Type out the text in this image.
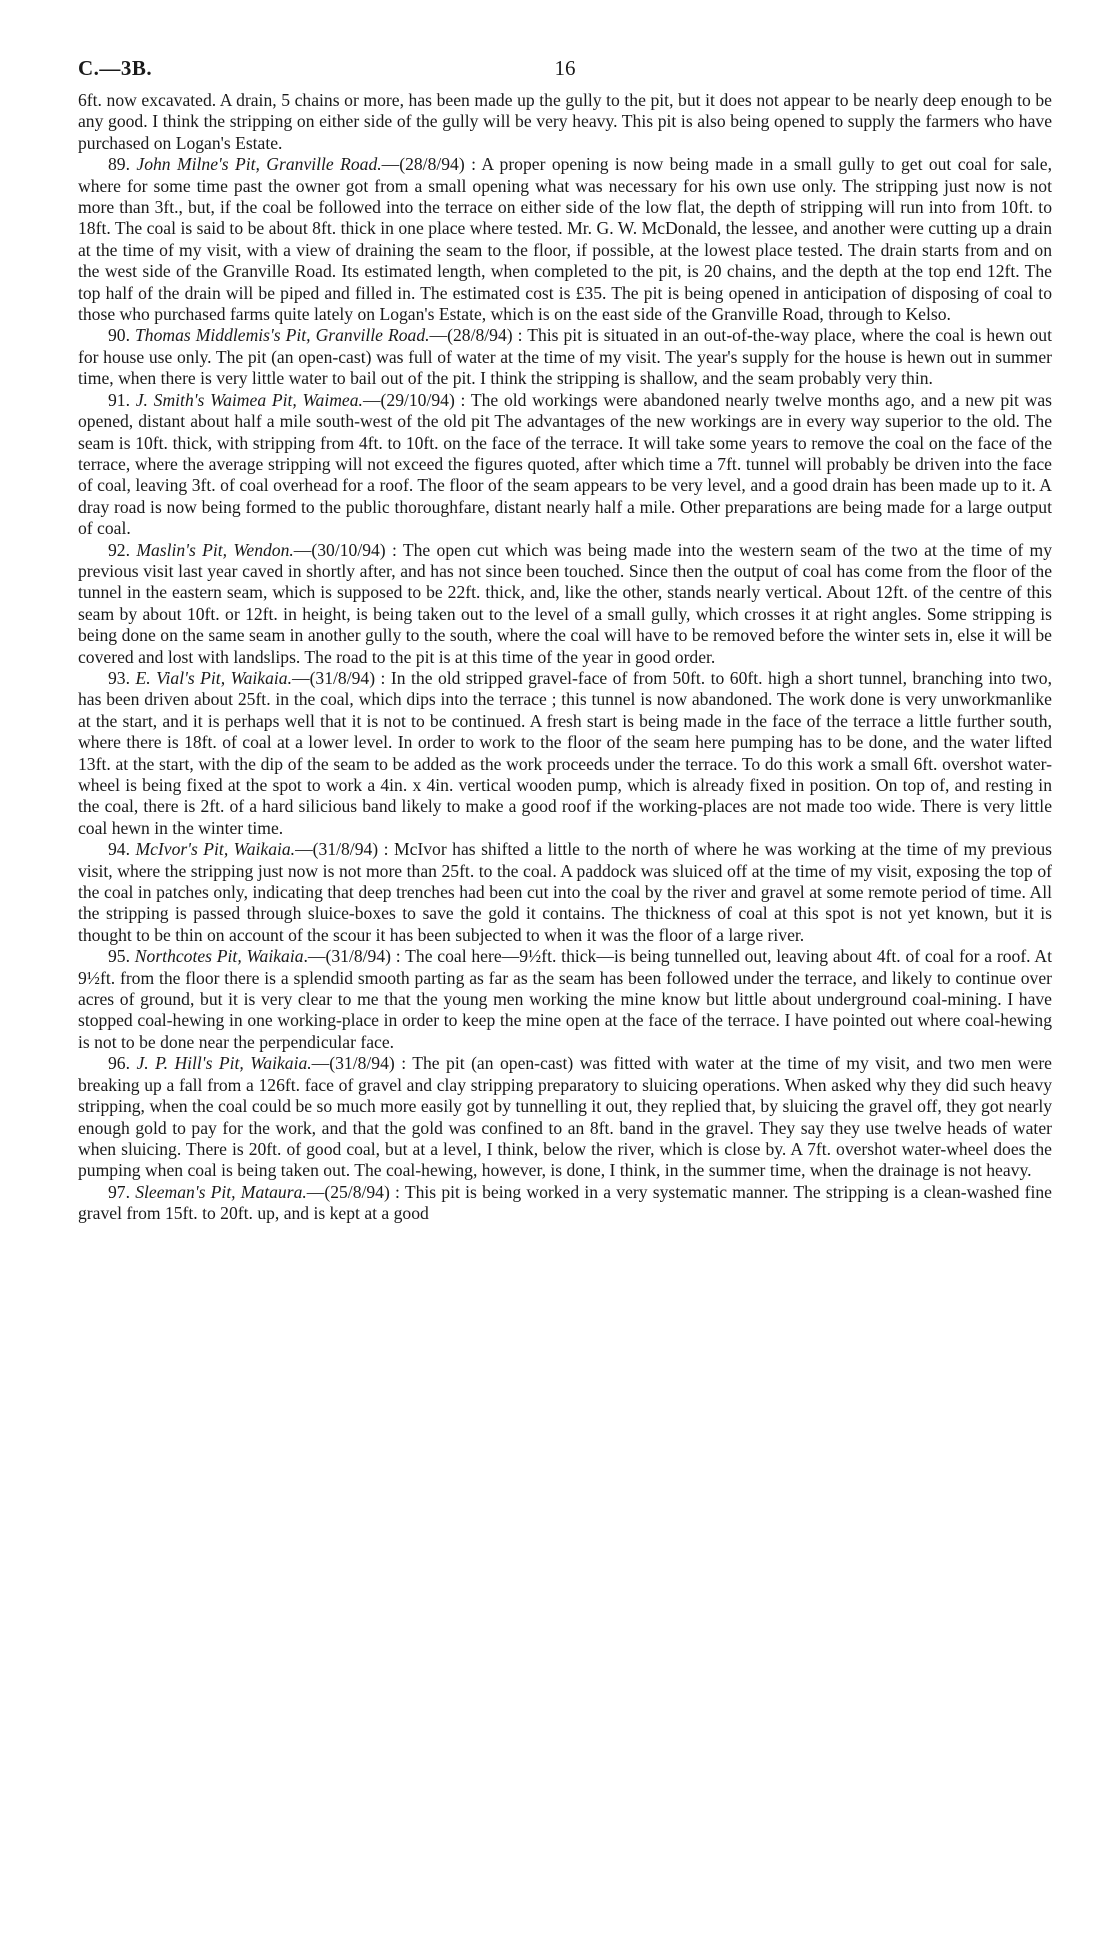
C.—3B.	16

6ft. now excavated. A drain, 5 chains or more, has been made up the gully to the pit, but it does not appear to be nearly deep enough to be any good. I think the stripping on either side of the gully will be very heavy. This pit is also being opened to supply the farmers who have purchased on Logan's Estate.

89. John Milne's Pit, Granville Road.—(28/8/94) : A proper opening is now being made in a small gully to get out coal for sale, where for some time past the owner got from a small opening what was necessary for his own use only. The stripping just now is not more than 3ft., but, if the coal be followed into the terrace on either side of the low flat, the depth of stripping will run into from 10ft. to 18ft. The coal is said to be about 8ft. thick in one place where tested. Mr. G. W. McDonald, the lessee, and another were cutting up a drain at the time of my visit, with a view of draining the seam to the floor, if possible, at the lowest place tested. The drain starts from and on the west side of the Granville Road. Its estimated length, when completed to the pit, is 20 chains, and the depth at the top end 12ft. The top half of the drain will be piped and filled in. The estimated cost is £35. The pit is being opened in anticipation of disposing of coal to those who purchased farms quite lately on Logan's Estate, which is on the east side of the Granville Road, through to Kelso.

90. Thomas Middlemis's Pit, Granville Road.—(28/8/94) : This pit is situated in an out-of-the-way place, where the coal is hewn out for house use only. The pit (an open-cast) was full of water at the time of my visit. The year's supply for the house is hewn out in summer time, when there is very little water to bail out of the pit. I think the stripping is shallow, and the seam probably very thin.

91. J. Smith's Waimea Pit, Waimea.—(29/10/94) : The old workings were abandoned nearly twelve months ago, and a new pit was opened, distant about half a mile south-west of the old pit The advantages of the new workings are in every way superior to the old. The seam is 10ft. thick, with stripping from 4ft. to 10ft. on the face of the terrace. It will take some years to remove the coal on the face of the terrace, where the average stripping will not exceed the figures quoted, after which time a 7ft. tunnel will probably be driven into the face of coal, leaving 3ft. of coal overhead for a roof. The floor of the seam appears to be very level, and a good drain has been made up to it. A dray road is now being formed to the public thoroughfare, distant nearly half a mile. Other preparations are being made for a large output of coal.

92. Maslin's Pit, Wendon.—(30/10/94) : The open cut which was being made into the western seam of the two at the time of my previous visit last year caved in shortly after, and has not since been touched. Since then the output of coal has come from the floor of the tunnel in the eastern seam, which is supposed to be 22ft. thick, and, like the other, stands nearly vertical. About 12ft. of the centre of this seam by about 10ft. or 12ft. in height, is being taken out to the level of a small gully, which crosses it at right angles. Some stripping is being done on the same seam in another gully to the south, where the coal will have to be removed before the winter sets in, else it will be covered and lost with landslips. The road to the pit is at this time of the year in good order.

93. E. Vial's Pit, Waikaia.—(31/8/94) : In the old stripped gravel-face of from 50ft. to 60ft. high a short tunnel, branching into two, has been driven about 25ft. in the coal, which dips into the terrace ; this tunnel is now abandoned. The work done is very unworkmanlike at the start, and it is perhaps well that it is not to be continued. A fresh start is being made in the face of the terrace a little further south, where there is 18ft. of coal at a lower level. In order to work to the floor of the seam here pumping has to be done, and the water lifted 13ft. at the start, with the dip of the seam to be added as the work proceeds under the terrace. To do this work a small 6ft. overshot water-wheel is being fixed at the spot to work a 4in. x 4in. vertical wooden pump, which is already fixed in position. On top of, and resting in the coal, there is 2ft. of a hard silicious band likely to make a good roof if the working-places are not made too wide. There is very little coal hewn in the winter time.

94. McIvor's Pit, Waikaia.—(31/8/94) : McIvor has shifted a little to the north of where he was working at the time of my previous visit, where the stripping just now is not more than 25ft. to the coal. A paddock was sluiced off at the time of my visit, exposing the top of the coal in patches only, indicating that deep trenches had been cut into the coal by the river and gravel at some remote period of time. All the stripping is passed through sluice-boxes to save the gold it contains. The thickness of coal at this spot is not yet known, but it is thought to be thin on account of the scour it has been subjected to when it was the floor of a large river.

95. Northcotes Pit, Waikaia.—(31/8/94) : The coal here—9½ft. thick—is being tunnelled out, leaving about 4ft. of coal for a roof. At 9½ft. from the floor there is a splendid smooth parting as far as the seam has been followed under the terrace, and likely to continue over acres of ground, but it is very clear to me that the young men working the mine know but little about underground coal-mining. I have stopped coal-hewing in one working-place in order to keep the mine open at the face of the terrace. I have pointed out where coal-hewing is not to be done near the perpendicular face.

96. J. P. Hill's Pit, Waikaia.—(31/8/94) : The pit (an open-cast) was fitted with water at the time of my visit, and two men were breaking up a fall from a 126ft. face of gravel and clay stripping preparatory to sluicing operations. When asked why they did such heavy stripping, when the coal could be so much more easily got by tunnelling it out, they replied that, by sluicing the gravel off, they got nearly enough gold to pay for the work, and that the gold was confined to an 8ft. band in the gravel. They say they use twelve heads of water when sluicing. There is 20ft. of good coal, but at a level, I think, below the river, which is close by. A 7ft. overshot water-wheel does the pumping when coal is being taken out. The coal-hewing, however, is done, I think, in the summer time, when the drainage is not heavy.

97. Sleeman's Pit, Mataura.—(25/8/94) : This pit is being worked in a very systematic manner. The stripping is a clean-washed fine gravel from 15ft. to 20ft. up, and is kept at a good
